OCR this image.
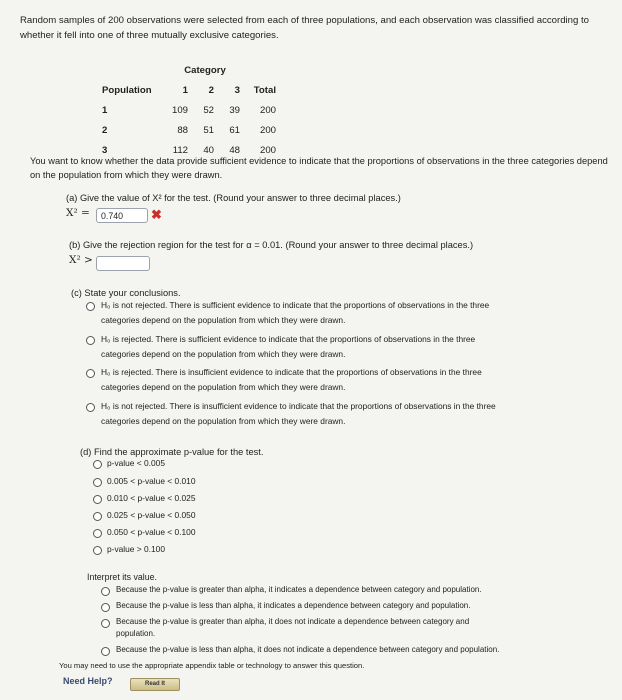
Random samples of 200 observations were selected from each of three populations, and each observation was classified according to whether it fell into one of three mutually exclusive categories.
	Category			
Population	1	2	3	Total
1	109	52	39	200
2	88	51	61	200
3	112	40	48	200
You want to know whether the data provide sufficient evidence to indicate that the proportions of observations in the three categories depend on the population from which they were drawn.
(a) Give the value of X² for the test. (Round your answer to three decimal places.)
X² =	0.740	✖
(b) Give the rejection region for the test for α = 0.01. (Round your answer to three decimal places.)
X² >
(c) State your conclusions.
H₀ is not rejected. There is sufficient evidence to indicate that the proportions of observations in the three
categories depend on the population from which they were drawn.
H₀ is rejected. There is sufficient evidence to indicate that the proportions of observations in the three
categories depend on the population from which they were drawn.
H₀ is rejected. There is insufficient evidence to indicate that the proportions of observations in the three
categories depend on the population from which they were drawn.
H₀ is not rejected. There is insufficient evidence to indicate that the proportions of observations in the three
categories depend on the population from which they were drawn.
(d) Find the approximate p-value for the test.
p-value < 0.005
0.005 < p-value < 0.010
0.010 < p-value < 0.025
0.025 < p-value < 0.050
0.050 < p-value < 0.100
p-value > 0.100
Interpret its value.
Because the p-value is greater than alpha, it indicates a dependence between category and population.
Because the p-value is less than alpha, it indicates a dependence between category and population.
Because the p-value is greater than alpha, it does not indicate a dependence between category and
population.
Because the p-value is less than alpha, it does not indicate a dependence between category and population.
You may need to use the appropriate appendix table or technology to answer this question.
Need Help?	Read It
